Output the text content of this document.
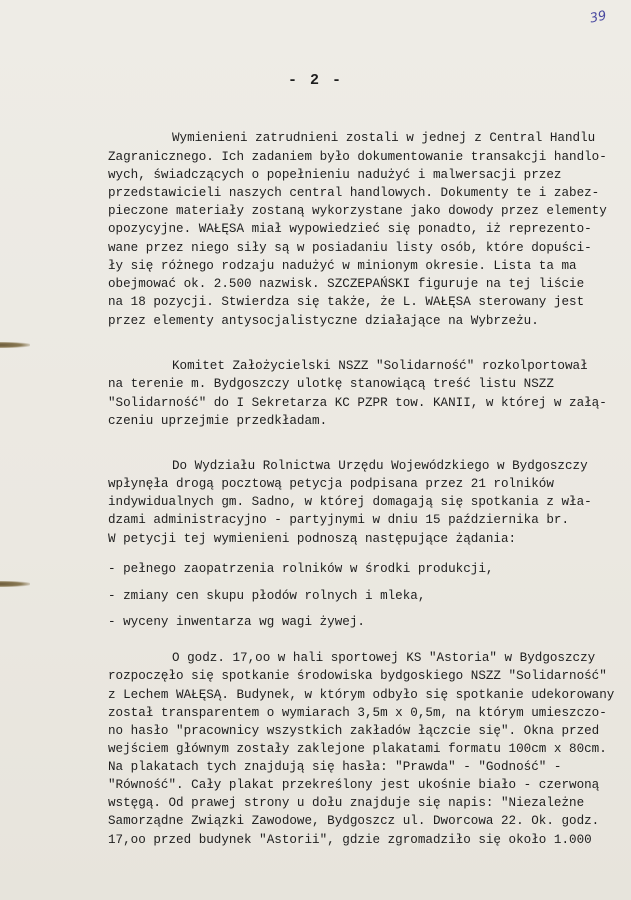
39
- 2 -
Wymienieni zatrudnieni zostali w jednej z Central Handlu
Zagranicznego. Ich zadaniem było dokumentowanie transakcji handlo-
wych, świadczących o popełnieniu nadużyć i malwersacji przez
przedstawicieli naszych central handlowych. Dokumenty te i zabez-
pieczone materiały zostaną wykorzystane jako dowody przez elementy
opozycyjne. WAŁĘSA miał wypowiedzieć się ponadto, iż reprezento-
wane przez niego siły są w posiadaniu listy osób, które dopuści-
ły się różnego rodzaju nadużyć w minionym okresie. Lista ta ma
obejmować ok. 2.500 nazwisk. SZCZEPAŃSKI figuruje na tej liście
na 18 pozycji. Stwierdza się także, że L. WAŁĘSA sterowany jest
przez elementy antysocjalistyczne działające na Wybrzeżu.
Komitet Założycielski NSZZ "Solidarność" rozkolportował
na terenie m. Bydgoszczy ulotkę stanowiącą treść listu NSZZ
"Solidarność" do I Sekretarza KC PZPR tow. KANII, w której w załą-
czeniu uprzejmie przedkładam.
Do Wydziału Rolnictwa Urzędu Wojewódzkiego w Bydgoszczy
wpłynęła drogą pocztową petycja podpisana przez 21 rolników
indywidualnych gm. Sadno, w której domagają się spotkania z wła-
dzami administracyjno - partyjnymi w dniu 15 października br.
W petycji tej wymienieni podnoszą następujące żądania:
- pełnego zaopatrzenia rolników w środki produkcji,
- zmiany cen skupu płodów rolnych i mleka,
- wyceny inwentarza wg wagi żywej.
O godz. 17,oo w hali sportowej KS "Astoria" w Bydgoszczy
rozpoczęło się spotkanie środowiska bydgoskiego NSZZ "Solidarność"
z Lechem WAŁĘSĄ. Budynek, w którym odbyło się spotkanie udekorowany
został transparentem o wymiarach 3,5m x 0,5m, na którym umieszczo-
no hasło "pracownicy wszystkich zakładów łączcie się". Okna przed
wejściem głównym zostały zaklejone plakatami formatu 100cm x 80cm.
Na plakatach tych znajdują się hasła: "Prawda" - "Godność" -
"Równość". Cały plakat przekreślony jest ukośnie biało - czerwoną
wstęgą. Od prawej strony u dołu znajduje się napis: "Niezależne
Samorządne Związki Zawodowe, Bydgoszcz ul. Dworcowa 22. Ok. godz.
17,oo przed budynek "Astorii", gdzie zgromadziło się około 1.000
